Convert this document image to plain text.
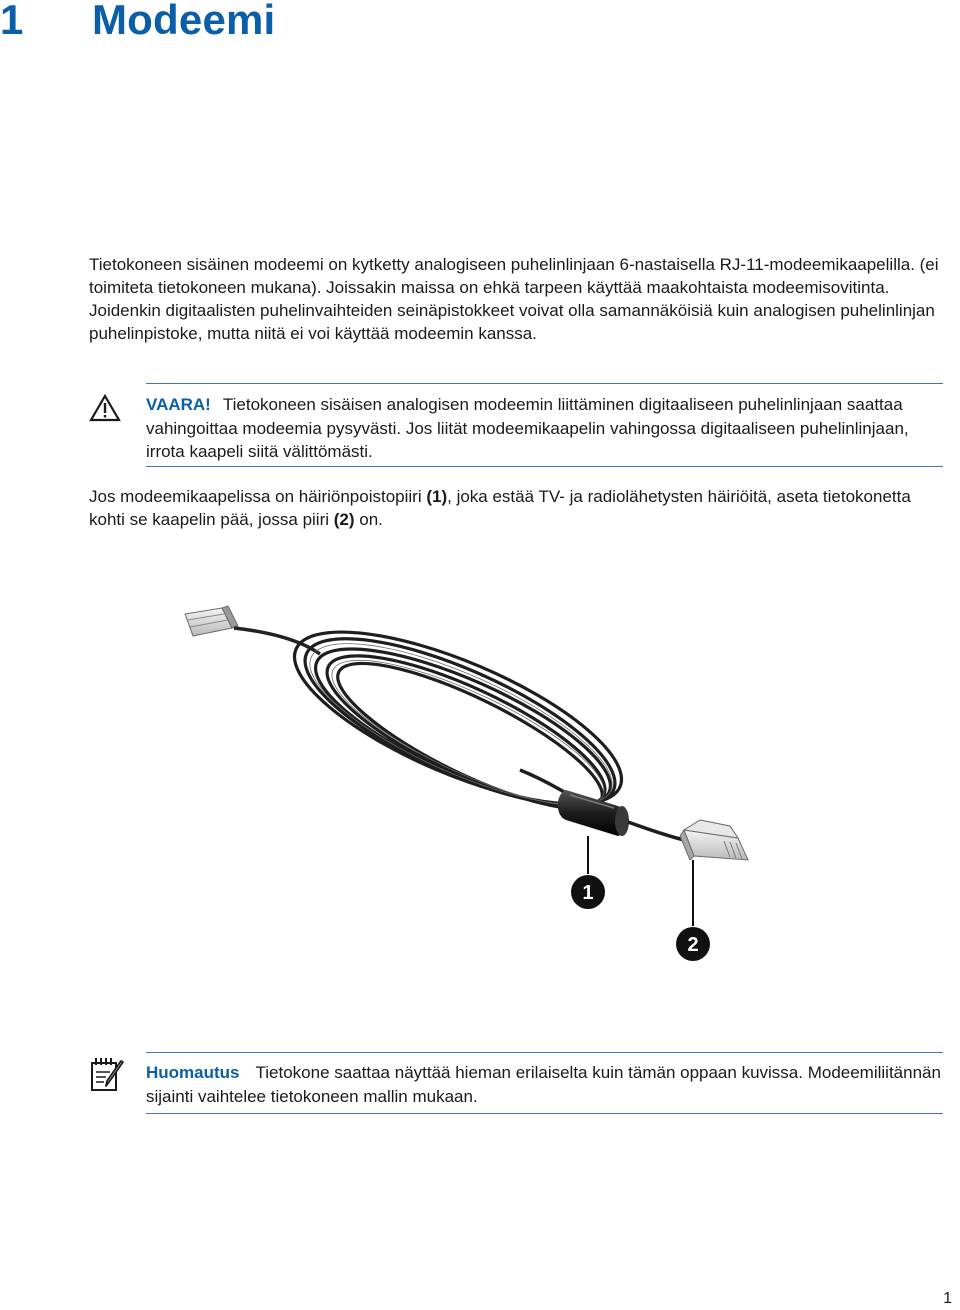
1 Modeemi

Tietokoneen sisäinen modeemi on kytketty analogiseen puhelinlinjaan 6-nastaisella RJ-11-modeemikaapelilla. (ei toimiteta tietokoneen mukana). Joissakin maissa on ehkä tarpeen käyttää maakohtaista modeemisovitinta. Joidenkin digitaalisten puhelinvaihteiden seinäpistokkeet voivat olla samannäköisiä kuin analogisen puhelinlinjan puhelinpistoke, mutta niitä ei voi käyttää modeemin kanssa.

VAARA! Tietokoneen sisäisen analogisen modeemin liittäminen digitaaliseen puhelinlinjaan saattaa vahingoittaa modeemia pysyvästi. Jos liität modeemikaapelin vahingossa digitaaliseen puhelinlinjaan, irrota kaapeli siitä välittömästi.

Jos modeemikaapelissa on häiriönpoistopiiri (1), joka estää TV- ja radiolähetysten häiriöitä, aseta tietokonetta kohti se kaapelin pää, jossa piiri (2) on.

1
2

Huomautus Tietokone saattaa näyttää hieman erilaiselta kuin tämän oppaan kuvissa. Modeemiliitännän sijainti vaihtelee tietokoneen mallin mukaan.

1
